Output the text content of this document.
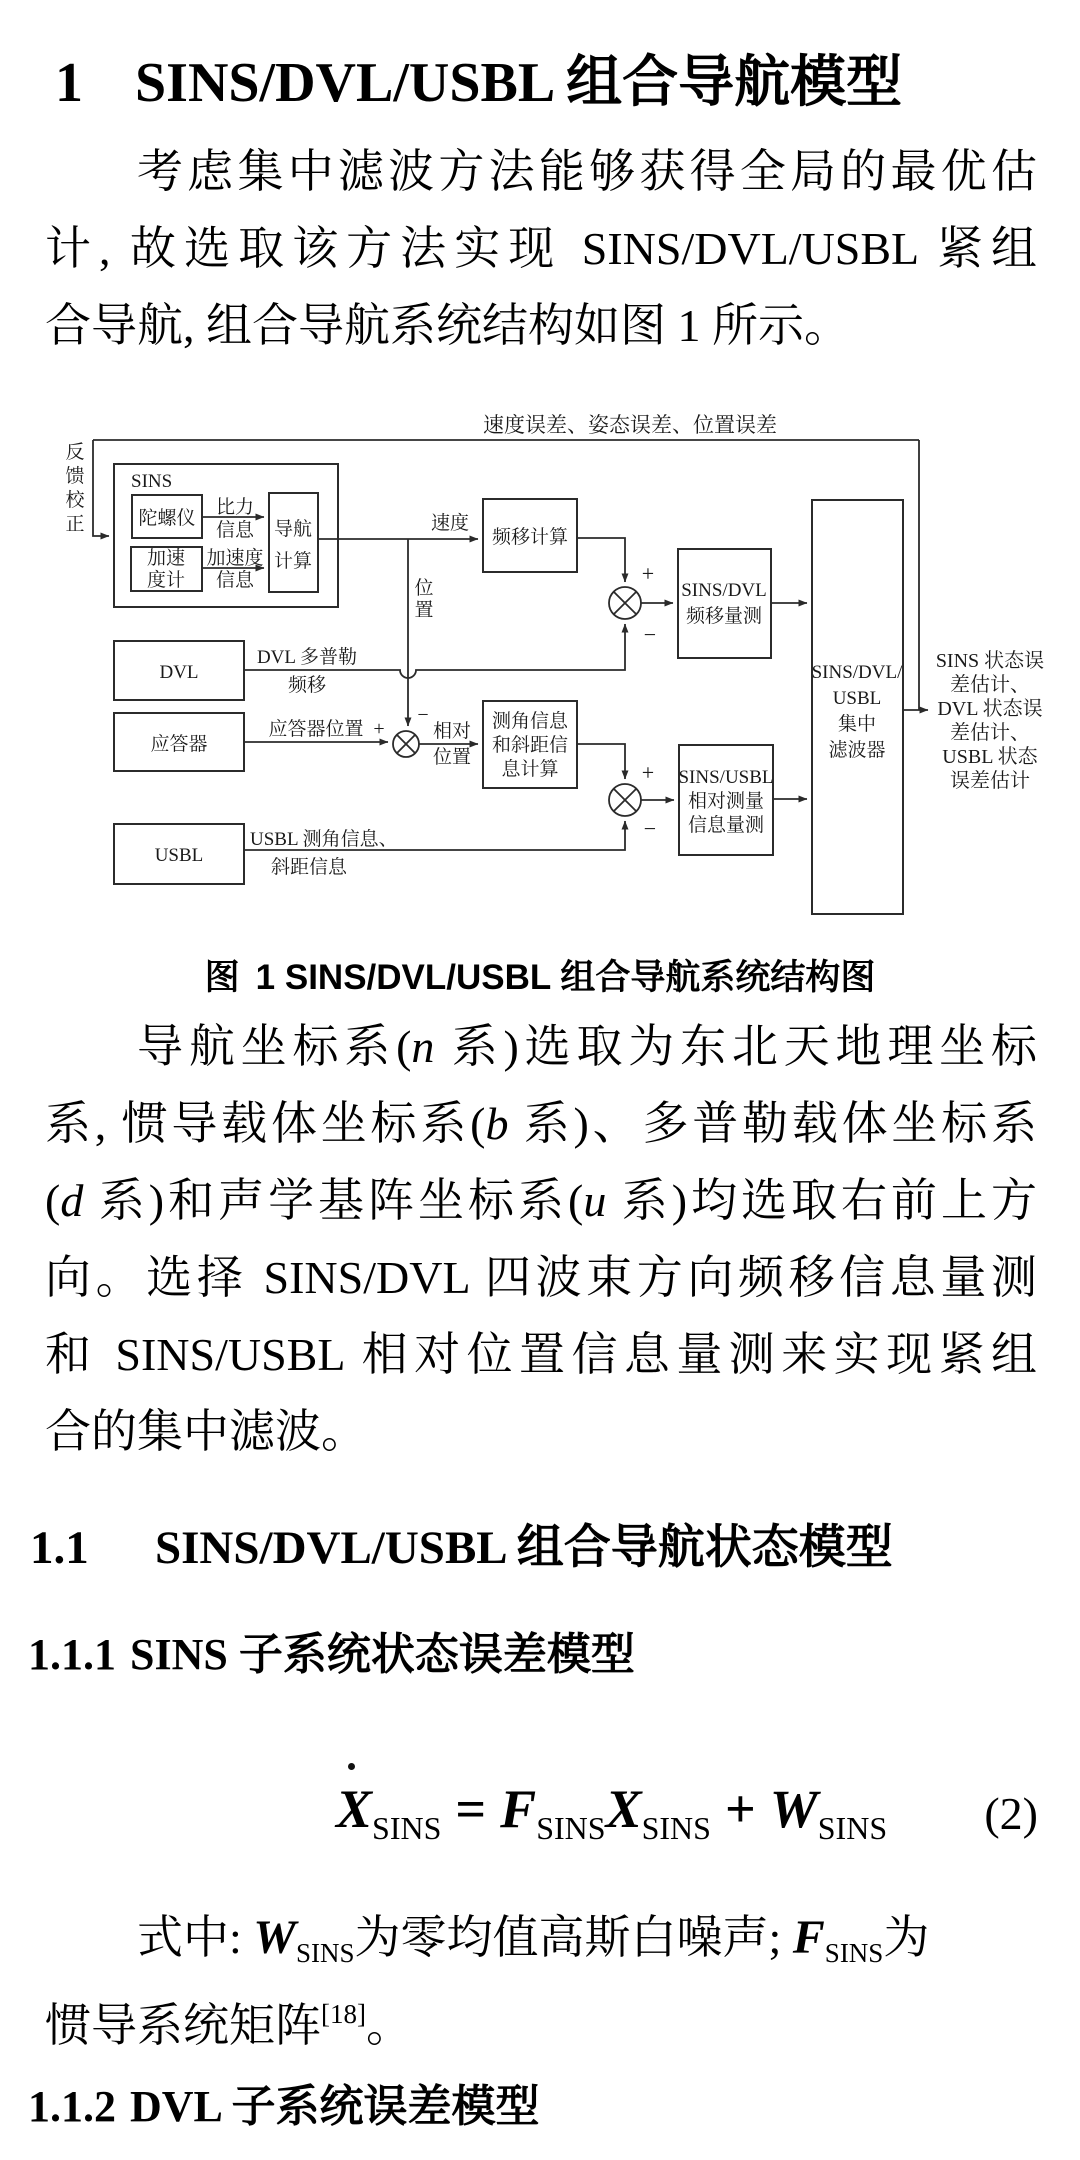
1 SINS/DVL/USBL 组合导航模型
考虑集中滤波方法能够获得全局的最优估
计, 故选取该方法实现 SINS/DVL/USBL 紧组
合导航, 组合导航系统结构如图 1 所示。
速度误差、姿态误差、位置误差
反
馈
校
正
SINS
陀螺仪
加速
度计
比力
信息
加速度
信息
导航
计算
速度
位
置
频移计算
+
−
SINS/DVL
频移量测
DVL
DVL 多普勒
频移
应答器
应答器位置 +
−
相对
位置
测角信息
和斜距信
息计算	+
−
SINS/USBL
相对测量
信息量测
USBL
USBL 测角信息、
斜距信息
SINS/DVL/
USBL
集中
滤波器
SINS 状态误
差估计、
DVL 状态误
差估计、
USBL 状态
误差估计
图 1 SINS/DVL/USBL 组合导航系统结构图
导航坐标系(n 系)选取为东北天地理坐标
系, 惯导载体坐标系(b 系)、多普勒载体坐标系
(d 系)和声学基阵坐标系(u 系)均选取右前上方
向。选择 SINS/DVL 四波束方向频移信息量测
和 SINS/USBL 相对位置信息量测来实现紧组
合的集中滤波。
1.1 SINS/DVL/USBL 组合导航状态模型
1.1.1 SINS 子系统状态误差模型
$X_{SINS} = F_{SINS}X_{SINS} + W_{SINS}$ (2)
式中: WSINS为零均值高斯白噪声; FSINS为
惯导系统矩阵[18]。
1.1.2 DVL 子系统误差模型
